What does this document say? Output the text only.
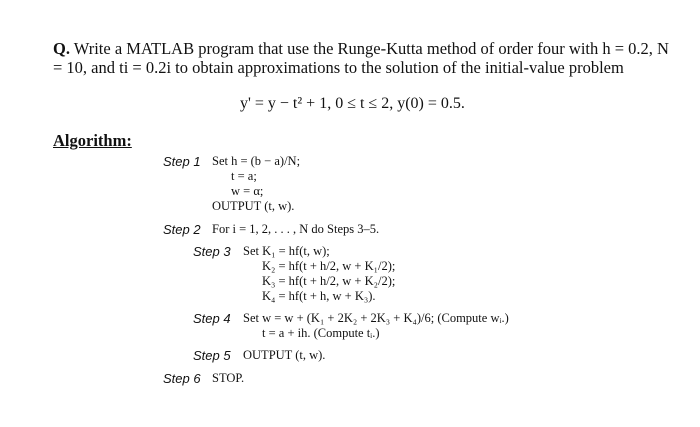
Q. Write a MATLAB program that use the Runge-Kutta method of order four with h = 0.2, N
= 10, and ti = 0.2i to obtain approximations to the solution of the initial-value problem
y' = y − t² + 1, 0 ≤ t ≤ 2, y(0) = 0.5.
Algorithm:
Step 1 Set h = (b − a)/N;
t = a;
w = α;
OUTPUT (t, w).
Step 2 For i = 1, 2, . . . , N do Steps 3–5.
Step 3 Set K₁ = hf(t, w);
K₂ = hf(t + h/2, w + K₁/2);
K₃ = hf(t + h/2, w + K₂/2);
K₄ = hf(t + h, w + K₃).
Step 4 Set w = w + (K₁ + 2K₂ + 2K₃ + K₄)/6; (Compute wᵢ.)
t = a + ih. (Compute tᵢ.)
Step 5 OUTPUT (t, w).
Step 6 STOP.
